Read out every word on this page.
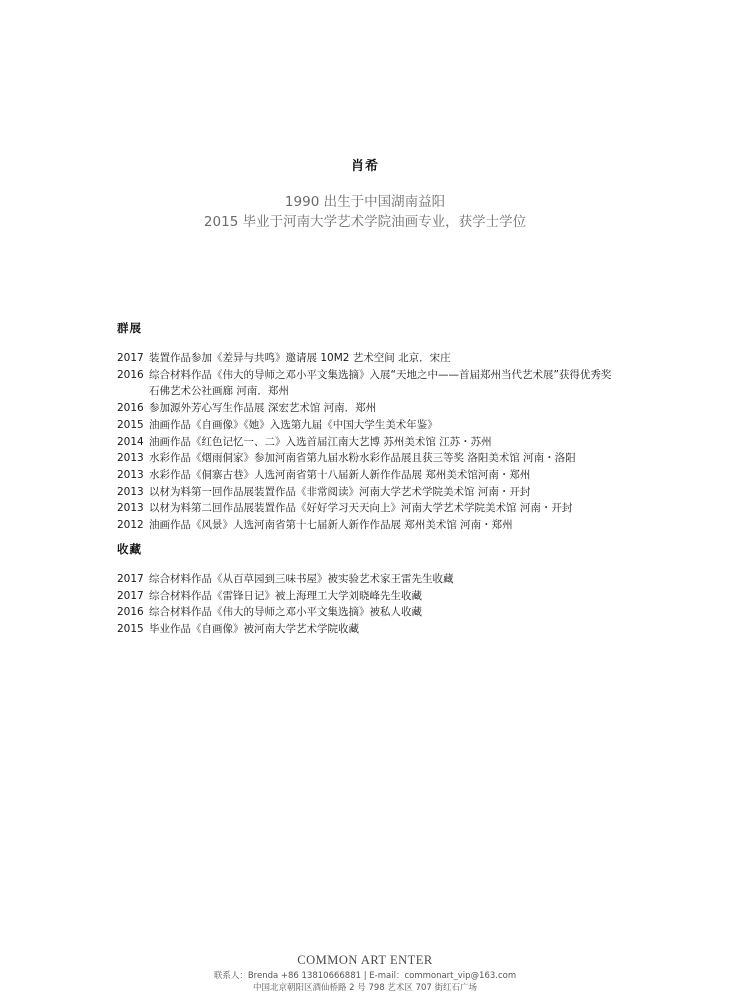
肖希
1990 出生于中国湖南益阳
2015 毕业于河南大学艺术学院油画专业，获学士学位
群展
2017 装置作品参加《差异与共鸣》邀请展 10M2 艺术空间 北京．宋庄
2016 综合材料作品《伟大的导师之邓小平文集选摘》入展“天地之中——首届郑州当代艺术展”获得优秀奖 石佛艺术公社画廊 河南．郑州
2016 参加源外芳心写生作品展 深宏艺术馆 河南．郑州
2015 油画作品《自画像》《她》入选第九届《中国大学生美术年鉴》
2014 油画作品《红色记忆一、二》入选首届江南大艺博 苏州美术馆 江苏・苏州
2013 水彩作品《烟雨侗家》参加河南省第九届水粉水彩作品展且获三等奖 洛阳美术馆 河南・洛阳
2013 水彩作品《侗寨古巷》人选河南省第十八届新人新作作品展 郑州美术馆河南・郑州
2013 以材为料第一回作品展装置作品《非常阅读》河南大学艺术学院美术馆 河南・开封
2013 以材为料第二回作品展装置作品《好好学习天天向上》河南大学艺术学院美术馆 河南・开封
2012 油画作品《风景》人选河南省第十七届新人新作作品展 郑州美术馆 河南・郑州
收藏
2017 综合材料作品《从百草园到三味书屋》被实验艺术家王雷先生收藏
2017 综合材料作品《雷锋日记》被上海理工大学刘晓峰先生收藏
2016 综合材料作品《伟大的导师之邓小平文集选摘》被私人收藏
2015 毕业作品《自画像》被河南大学艺术学院收藏
COMMON ART ENTER
联系人：Brenda +86 13810666881 | E-mail：commonart_vip@163.com
中国北京朝阳区酒仙桥路 2 号 798 艺术区 707 街红石广场
